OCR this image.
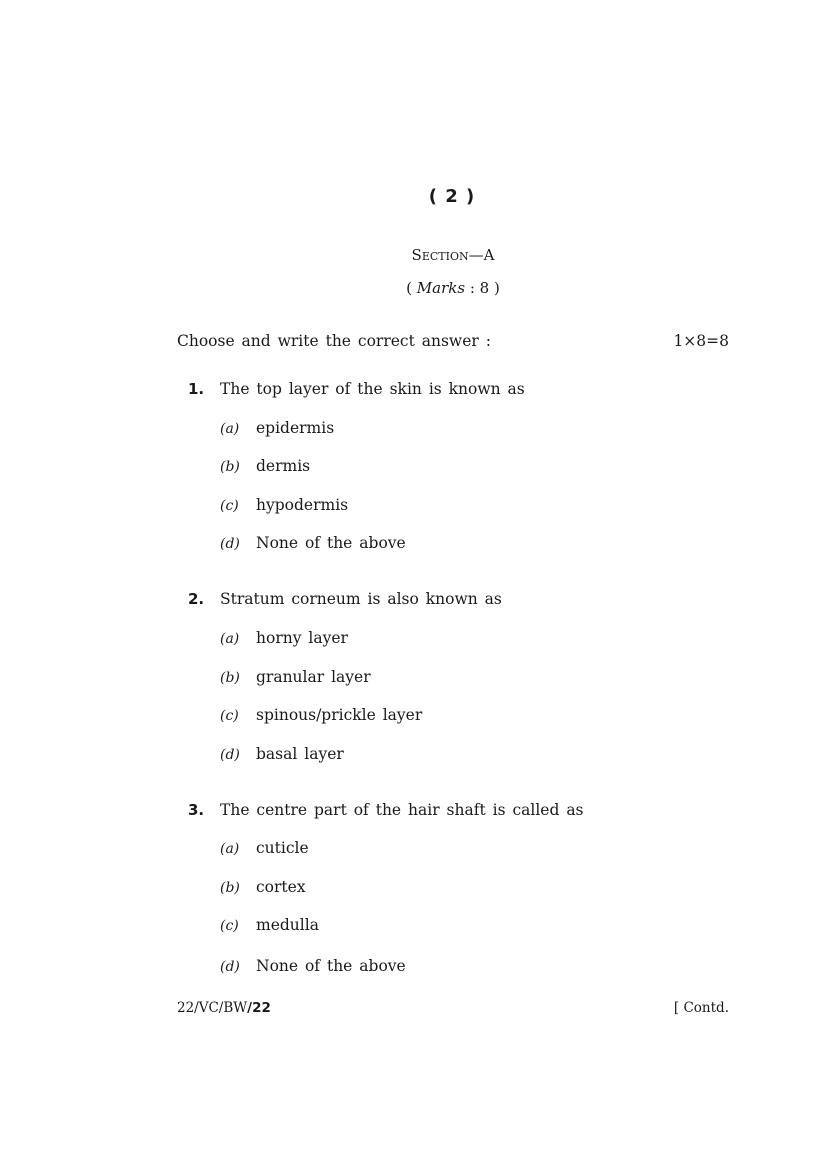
( 2 )
Section—A
( Marks : 8 )
Choose and write the correct answer :	1×8=8
1. The top layer of the skin is known as
(a) epidermis
(b) dermis
(c) hypodermis
(d) None of the above
2. Stratum corneum is also known as
(a) horny layer
(b) granular layer
(c) spinous/prickle layer
(d) basal layer
3. The centre part of the hair shaft is called as
(a) cuticle
(b) cortex
(c) medulla
(d) None of the above
22/VC/BW/22	[ Contd.
